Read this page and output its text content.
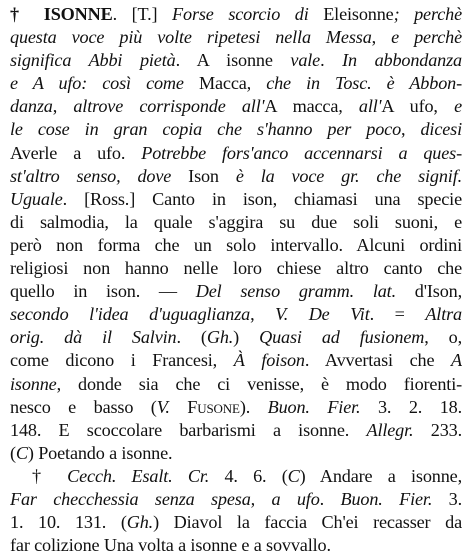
† ISONNE. [T.] Forse scorcio di Eleisonne; perchè
questa voce più volte ripetesi nella Messa, e perchè
significa Abbi pietà. A isonne vale. In abbondanza
e A ufo: così come Macca, che in Tosc. è Abbon-
danza, altrove corrisponde all'A macca, all'A ufo, e
le cose in gran copia che s'hanno per poco, dicesi
Averle a ufo. Potrebbe fors'anco accennarsi a ques-
st'altro senso, dove Ison è la voce gr. che signif.
Uguale. [Ross.] Canto in ison, chiamasi una specie
di salmodia, la quale s'aggira su due soli suoni, e
però non forma che un solo intervallo. Alcuni ordini
religiosi non hanno nelle loro chiese altro canto che
quello in ison. — Del senso gramm. lat. d'Ison,
secondo l'idea d'uguaglianza, V. De Vit. = Altra
orig. dà il Salvin. (Gh.) Quasi ad fusionem, o,
come dicono i Francesi, À foison. Avvertasi che A
isonne, donde sia che ci venisse, è modo fiorenti-
nesco e basso (V. Fusone). Buon. Fier. 3. 2. 18.
148. E scoccolare barbarismi a isonne. Allegr. 233.
(C) Poetando a isonne.
† Cecch. Esalt. Cr. 4. 6. (C) Andare a isonne,
Far checchessia senza spesa, a ufo. Buon. Fier. 3.
1. 10. 131. (Gh.) Diavol la faccia Ch'ei recasser da
far colizione Una volta a isonne e a sovvallo.
